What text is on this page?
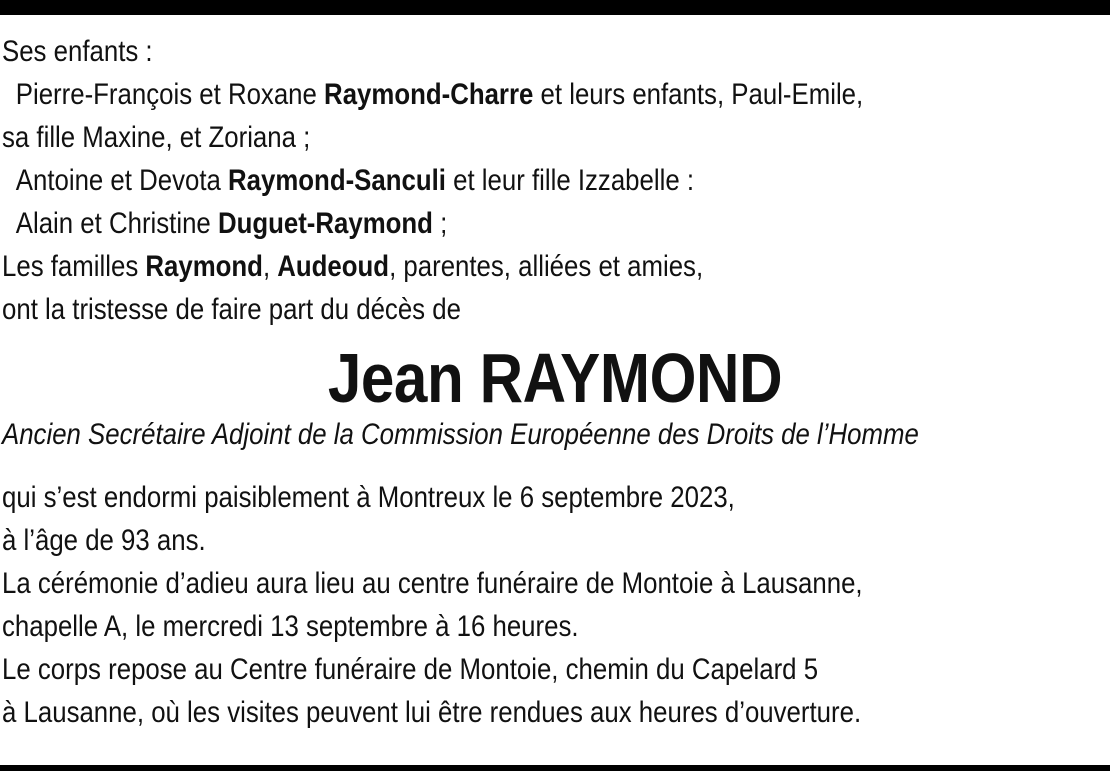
Ses enfants :
Pierre-François et Roxane Raymond-Charre et leurs enfants, Paul-Emile,
sa fille Maxine, et Zoriana ;
Antoine et Devota Raymond-Sanculi et leur fille Izzabelle :
Alain et Christine Duguet-Raymond ;
Les familles Raymond, Audeoud, parentes, alliées et amies,
ont la tristesse de faire part du décès de
Jean RAYMOND
Ancien Secrétaire Adjoint de la Commission Européenne des Droits de l’Homme
qui s’est endormi paisiblement à Montreux le 6 septembre 2023,
à l’âge de 93 ans.
La cérémonie d’adieu aura lieu au centre funéraire de Montoie à Lausanne,
chapelle A, le mercredi 13 septembre à 16 heures.
Le corps repose au Centre funéraire de Montoie, chemin du Capelard 5
à Lausanne, où les visites peuvent lui être rendues aux heures d’ouverture.
